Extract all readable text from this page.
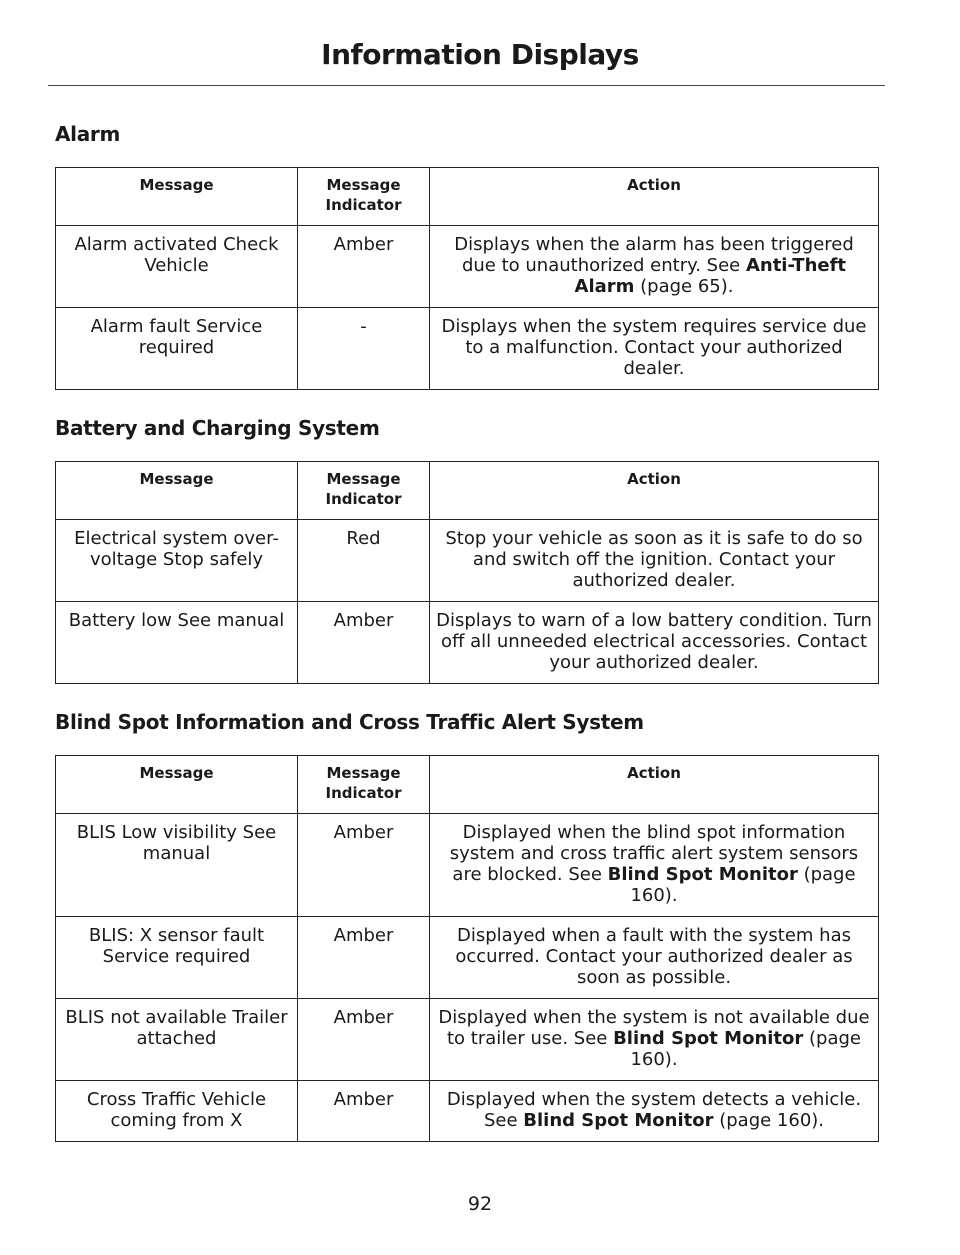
Information Displays
Alarm
Message	Message Indicator	Action
Alarm activated Check Vehicle	Amber	Displays when the alarm has been triggered due to unauthorized entry. See Anti-Theft Alarm (page 65).
Alarm fault Service required	-	Displays when the system requires service due to a malfunction. Contact your authorized dealer.
Battery and Charging System
Message	Message Indicator	Action
Electrical system over-voltage Stop safely	Red	Stop your vehicle as soon as it is safe to do so and switch off the ignition. Contact your authorized dealer.
Battery low See manual	Amber	Displays to warn of a low battery condition. Turn off all unneeded electrical accessories. Contact your authorized dealer.
Blind Spot Information and Cross Traffic Alert System
Message	Message Indicator	Action
BLIS Low visibility See manual	Amber	Displayed when the blind spot information system and cross traffic alert system sensors are blocked. See Blind Spot Monitor (page 160).
BLIS: X sensor fault Service required	Amber	Displayed when a fault with the system has occurred. Contact your authorized dealer as soon as possible.
BLIS not available Trailer attached	Amber	Displayed when the system is not available due to trailer use. See Blind Spot Monitor (page 160).
Cross Traffic Vehicle coming from X	Amber	Displayed when the system detects a vehicle. See Blind Spot Monitor (page 160).
92
